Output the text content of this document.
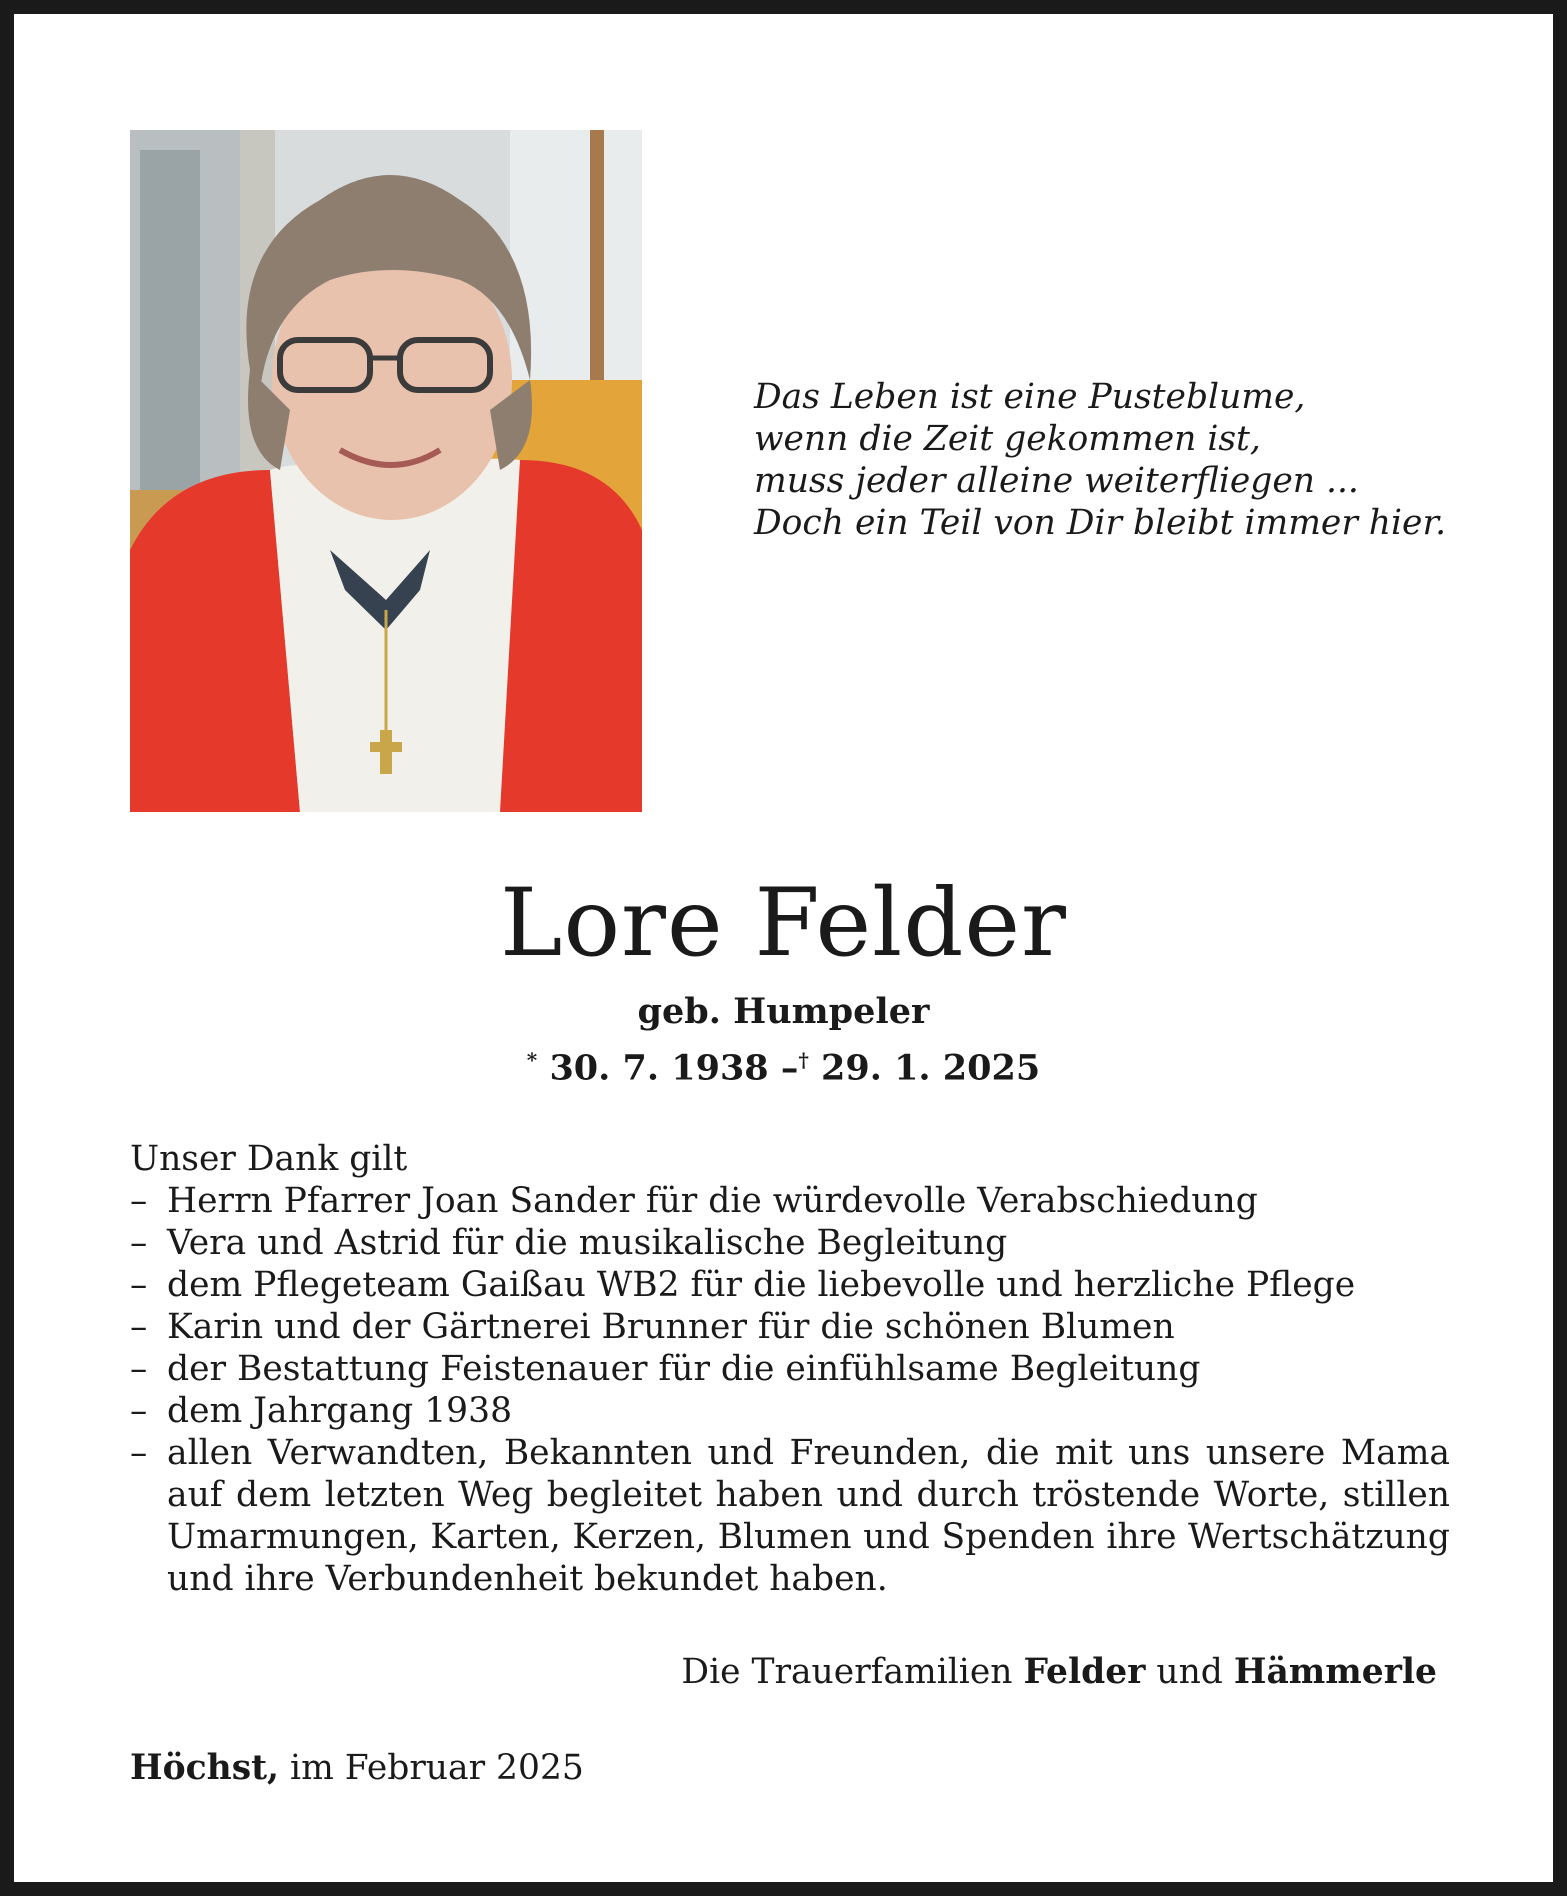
Das Leben ist eine Pusteblume,
wenn die Zeit gekommen ist,
muss jeder alleine weiterfliegen ...
Doch ein Teil von Dir bleibt immer hier.
Lore Felder
geb. Humpeler
* 30. 7. 1938 –† 29. 1. 2025
Unser Dank gilt
– Herrn Pfarrer Joan Sander für die würdevolle Verabschiedung
– Vera und Astrid für die musikalische Begleitung
– dem Pflegeteam Gaißau WB2 für die liebevolle und herzliche Pflege
– Karin und der Gärtnerei Brunner für die schönen Blumen
– der Bestattung Feistenauer für die einfühlsame Begleitung
– dem Jahrgang 1938
– allen Verwandten, Bekannten und Freunden, die mit uns unsere Mama auf dem letzten Weg begleitet haben und durch tröstende Worte, stillen Umarmungen, Karten, Kerzen, Blumen und Spenden ihre Wertschätzung und ihre Verbundenheit bekundet haben.
Die Trauerfamilien Felder und Hämmerle
Höchst, im Februar 2025
